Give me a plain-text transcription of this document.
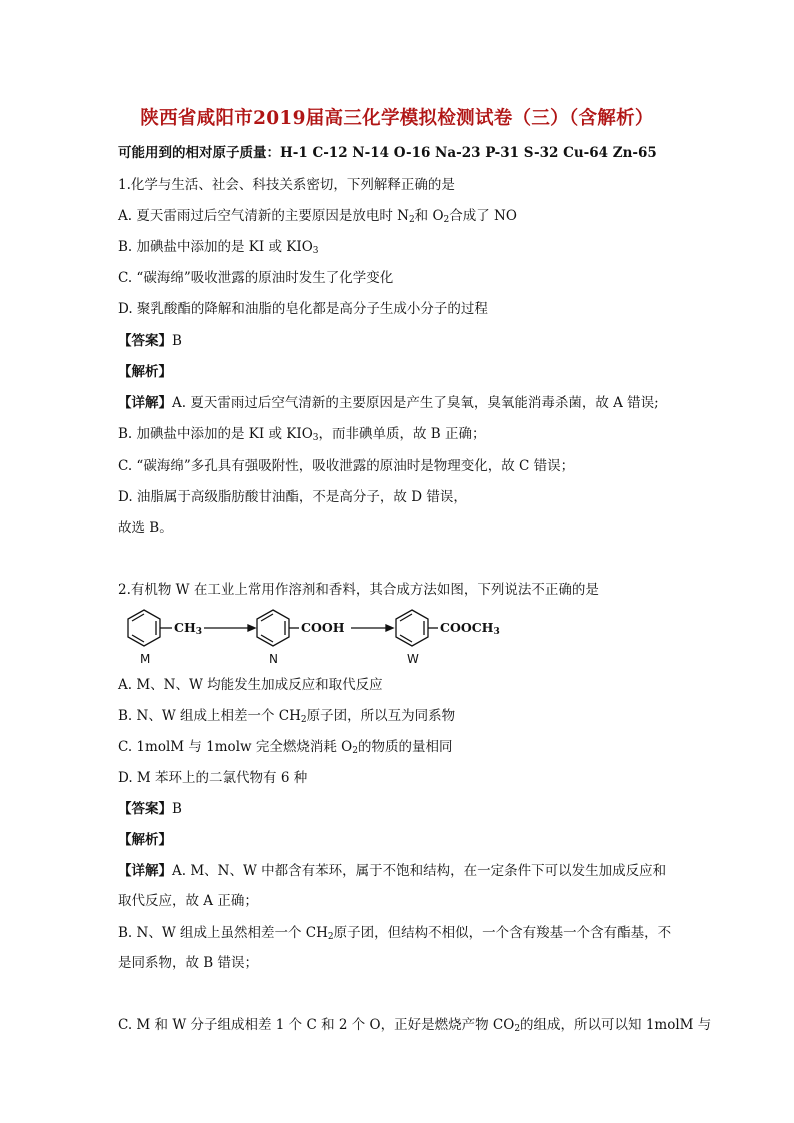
陕西省咸阳市2019届高三化学模拟检测试卷（三）（含解析）
可能用到的相对原子质量：H-1 C-12 N-14 O-16 Na-23 P-31 S-32 Cu-64 Zn-65
1.化学与生活、社会、科技关系密切，下列解释正确的是
A. 夏天雷雨过后空气清新的主要原因是放电时 $N_2$和 $O_2$合成了 NO
B. 加碘盐中添加的是 KI 或 $KIO_3$
C. “碳海绵”吸收泄露的原油时发生了化学变化
D. 聚乳酸酯的降解和油脂的皂化都是高分子生成小分子的过程
【答案】B
【解析】
【详解】A. 夏天雷雨过后空气清新的主要原因是产生了臭氧，臭氧能消毒杀菌，故 A 错误;
B. 加碘盐中添加的是 KI 或 $KIO_3$，而非碘单质，故 B 正确；
C. “碳海绵”多孔具有强吸附性，吸收泄露的原油时是物理变化，故 C 错误；
D. 油脂属于高级脂肪酸甘油酯，不是高分子，故 D 错误，
故选 B。
2.有机物 W 在工业上常用作溶剂和香料，其合成方法如图，下列说法不正确的是
$CH_3$	COOH	$COOCH_3$
M	N	W
A. M、N、W 均能发生加成反应和取代反应
B. N、W 组成上相差一个 $CH_2$原子团，所以互为同系物
C. 1molM 与 1molw 完全燃烧消耗 $O_2$的物质的量相同
D. M 苯环上的二氯代物有 6 种
【答案】B
【解析】
【详解】A. M、N、W 中都含有苯环，属于不饱和结构，在一定条件下可以发生加成反应和取代反应，故 A 正确；
B. N、W 组成上虽然相差一个 $CH_2$原子团，但结构不相似，一个含有羧基一个含有酯基，不是同系物，故 B 错误；
C. M 和 W 分子组成相差 1 个 C 和 2 个 O，正好是燃烧产物 $CO_2$的组成，所以可以知 1molM 与
